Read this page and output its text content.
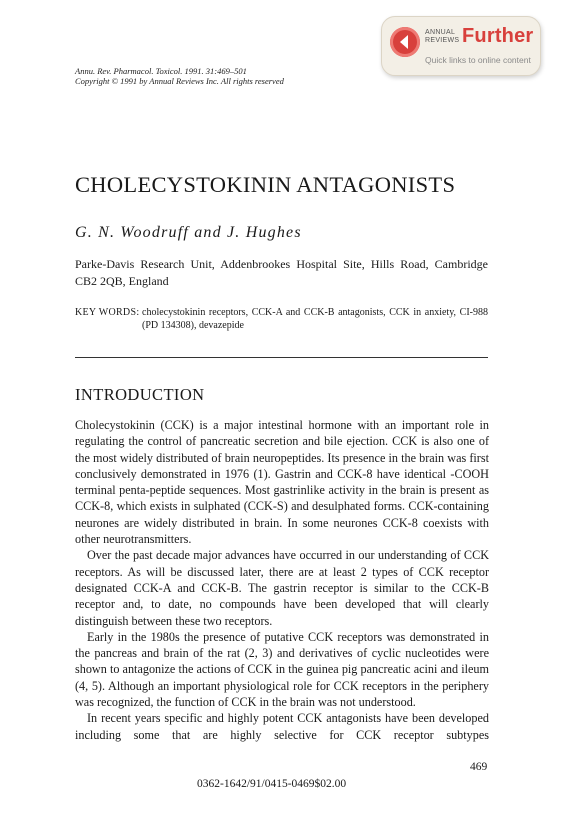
ANNUAL
REVIEWS Further
Quick links to online content
Annu. Rev. Pharmacol. Toxicol. 1991. 31:469–501
Copyright © 1991 by Annual Reviews Inc. All rights reserved
CHOLECYSTOKININ ANTAGONISTS
G. N. Woodruff and J. Hughes
Parke-Davis Research Unit, Addenbrookes Hospital Site, Hills Road, Cambridge CB2 2QB, England
KEY WORDS: cholecystokinin receptors, CCK-A and CCK-B antagonists, CCK in anxiety, CI-988 (PD 134308), devazepide
INTRODUCTION

Cholecystokinin (CCK) is a major intestinal hormone with an important role in regulating the control of pancreatic secretion and bile ejection. CCK is also one of the most widely distributed of brain neuropeptides. Its presence in the brain was first conclusively demonstrated in 1976 (1). Gastrin and CCK-8 have identical -COOH terminal penta-peptide sequences. Most gastrinlike activity in the brain is present as CCK-8, which exists in sulphated (CCK-S) and desulphated forms. CCK-containing neurones are widely distributed in brain. In some neurones CCK-8 coexists with other neurotransmitters.

Over the past decade major advances have occurred in our understanding of CCK receptors. As will be discussed later, there are at least 2 types of CCK receptor designated CCK-A and CCK-B. The gastrin receptor is similar to the CCK-B receptor and, to date, no compounds have been developed that will clearly distinguish between these two receptors.

Early in the 1980s the presence of putative CCK receptors was demonstrated in the pancreas and brain of the rat (2, 3) and derivatives of cyclic nucleotides were shown to antagonize the actions of CCK in the guinea pig pancreatic acini and ileum (4, 5). Although an important physiological role for CCK receptors in the periphery was recognized, the function of CCK in the brain was not understood.

In recent years specific and highly potent CCK antagonists have been developed including some that are highly selective for CCK receptor subtypes

469
0362-1642/91/0415-0469$02.00
